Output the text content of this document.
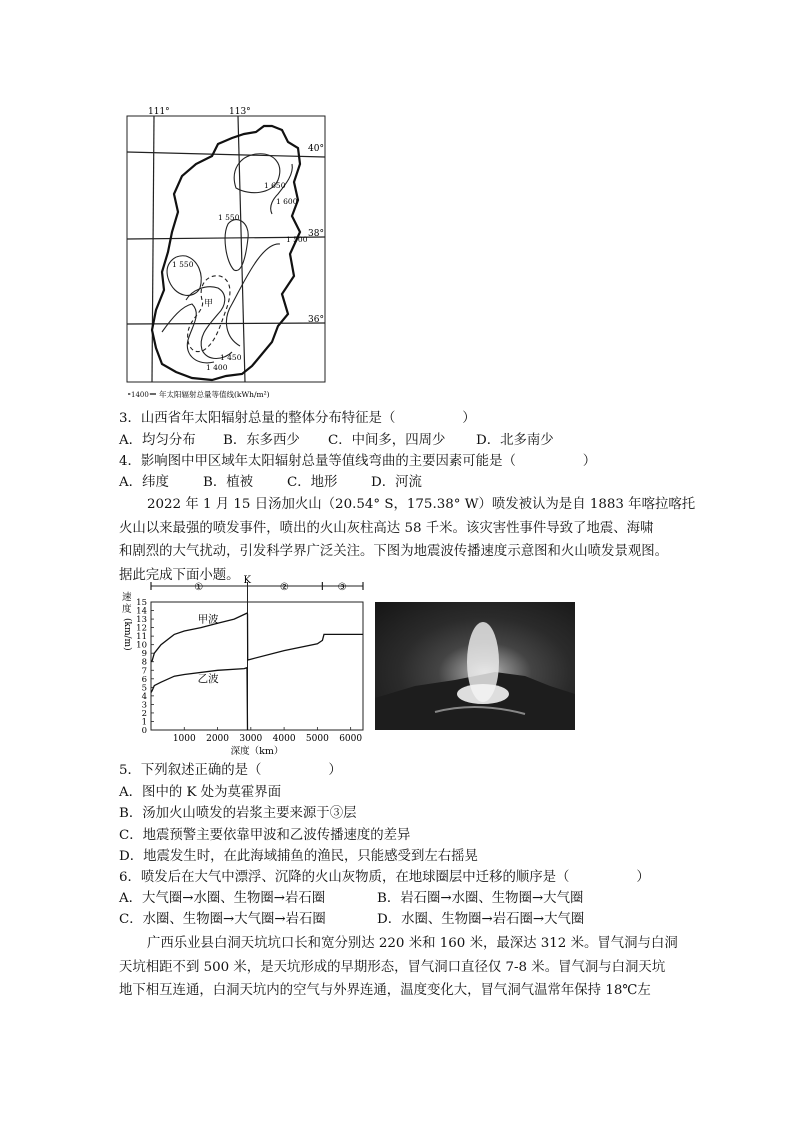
111°	113°
40°
38°
36°
1 650
1 600
1 550
1 500
1 550
甲
1 450
1 400
1400 年太阳辐射总量等值线(kWh/m²)
3．山西省年太阳辐射总量的整体分布特征是（　　　　　）
A．均匀分布 B．东多西少 C．中间多，四周少 D．北多南少
4．影响图中甲区域年太阳辐射总量等值线弯曲的主要因素可能是（　　　　　）
A．纬度	B．植被	C．地形	D．河流
2022 年 1 月 15 日汤加火山（20.54° S，175.38° W）喷发被认为是自 1883 年喀拉喀托
火山以来最强的喷发事件，喷出的火山灰柱高达 58 千米。该灾害性事件导致了地震、海啸
和剧烈的大气扰动，引发科学界广泛关注。下图为地震波传播速度示意图和火山喷发景观图。
据此完成下面小题。
①
K
②	③
0
1
2
3
4
5
6
7
8
9
10
11
12
13
14
15
1000 2000 3000 4000 5000 6000
深度（km）
速
度
(km/m)	甲波
乙波
5．下列叙述正确的是（　　　　　）
A．图中的 K 处为莫霍界面
B．汤加火山喷发的岩浆主要来源于③层
C．地震预警主要依靠甲波和乙波传播速度的差异
D．地震发生时，在此海域捕鱼的渔民，只能感受到左右摇晃
6．喷发后在大气中漂浮、沉降的火山灰物质，在地球圈层中迁移的顺序是（　　　　　）
A．大气圈→水圈、生物圈→岩石圈	B．岩石圈→水圈、生物圈→大气圈
C．水圈、生物圈→大气圈→岩石圈	D．水圈、生物圈→岩石圈→大气圈
广西乐业县白洞天坑坑口长和宽分别达 220 米和 160 米，最深达 312 米。冒气洞与白洞
天坑相距不到 500 米，是天坑形成的早期形态，冒气洞口直径仅 7-8 米。冒气洞与白洞天坑
地下相互连通，白洞天坑内的空气与外界连通，温度变化大，冒气洞气温常年保持 18℃左
